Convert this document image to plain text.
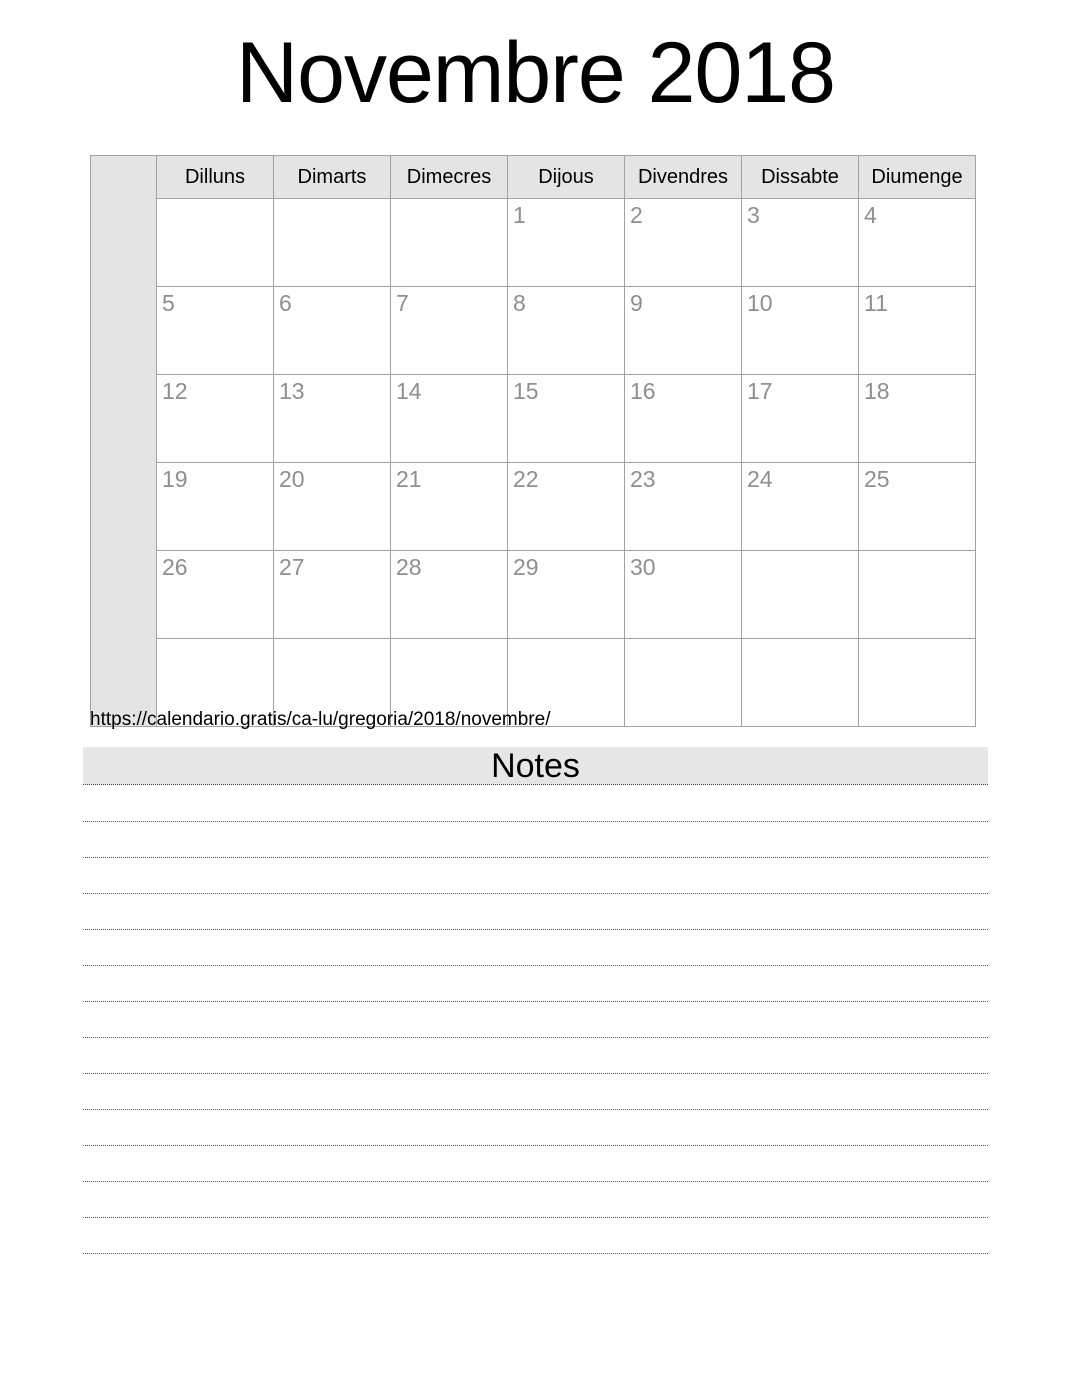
Novembre 2018
	Dilluns	Dimarts	Dimecres	Dijous	Divendres	Dissabte	Diumenge
				1	2	3	4
	5	6	7	8	9	10	11
	12	13	14	15	16	17	18
	19	20	21	22	23	24	25
	26	27	28	29	30		

https://calendario.gratis/ca-lu/gregoria/2018/novembre/
Notes
